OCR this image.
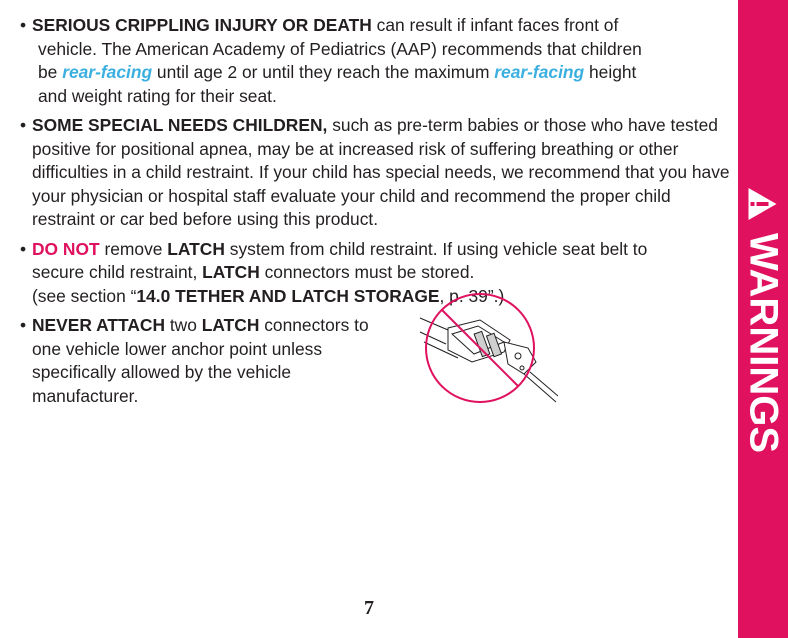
WARNINGS
• SERIOUS CRIPPLING INJURY OR DEATH can result if infant faces front of
vehicle. The American Academy of Pediatrics (AAP) recommends that children
be rear-facing until age 2 or until they reach the maximum rear-facing height
and weight rating for their seat.
• SOME SPECIAL NEEDS CHILDREN, such as pre-term babies or those who have tested positive for positional apnea, may be at increased risk of suffering breathing or other difficulties in a child restraint. If your child has special needs, we recommend that you have your physician or hospital staff evaluate your child and recommend the proper child restraint or car bed before using this product.
• DO NOT remove LATCH system from child restraint. If using vehicle seat belt to
secure child restraint, LATCH connectors must be stored.
(see section “14.0 TETHER AND LATCH STORAGE, p. 39”.)
• NEVER ATTACH two LATCH connectors to one vehicle lower anchor point unless specifically allowed by the vehicle manufacturer.
7
